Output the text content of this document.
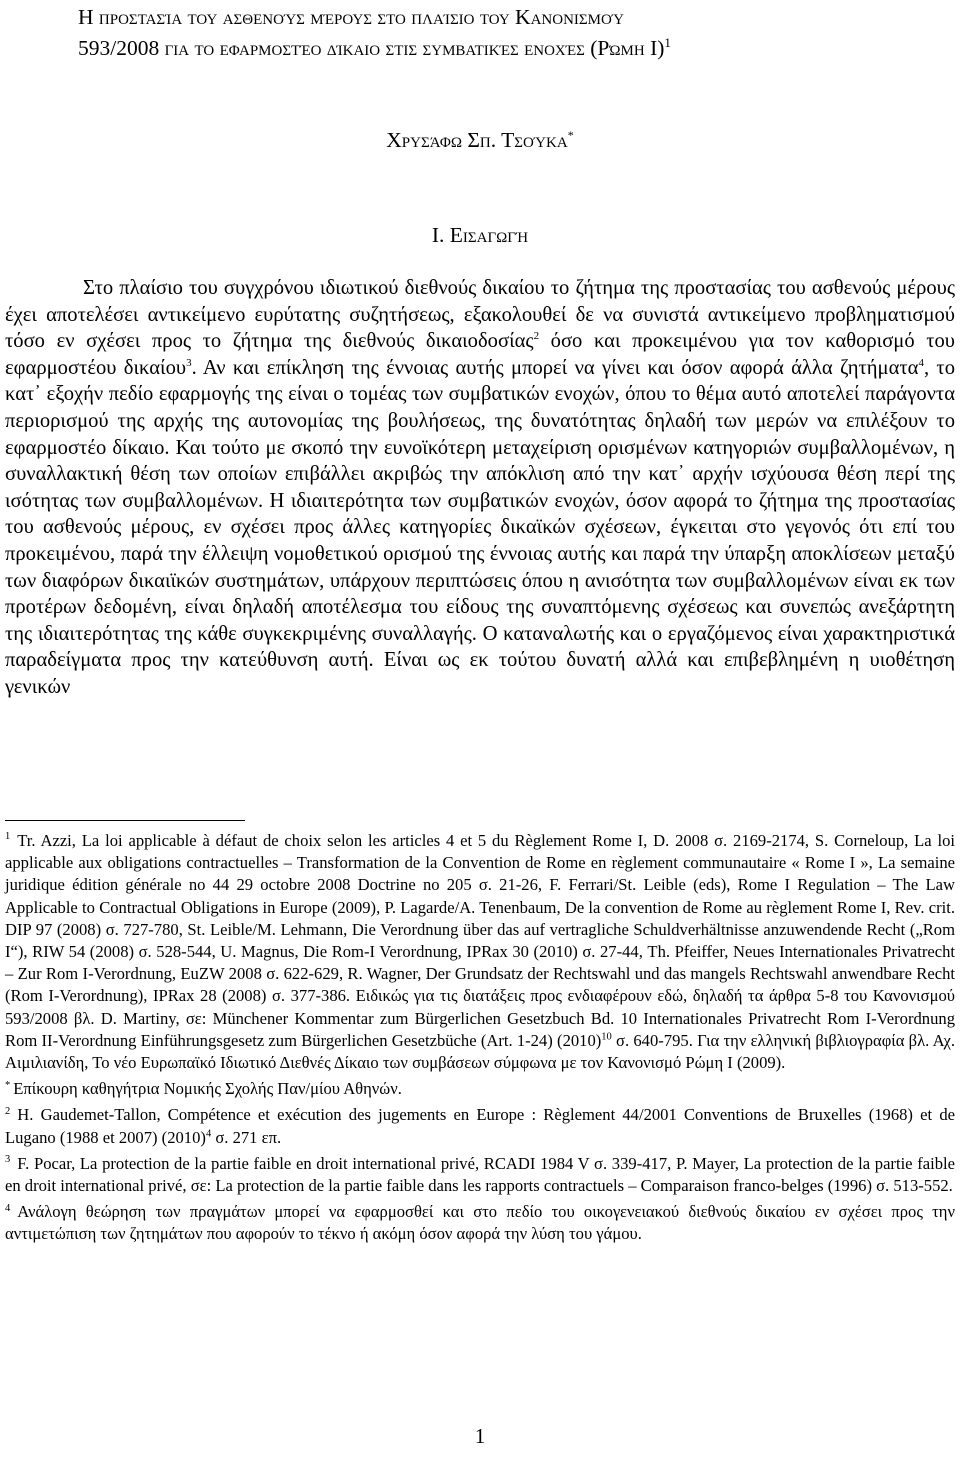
Η προστασία του ασθενούς μέρους στο πλαίσιο του Κανονισμού
593/2008 για το εφαρμοστέο δίκαιο στις συμβατικές ενοχές (Ρώμη Ι)$^1$
Χρυσάφω Σπ. Τσούκα*
Ι. Εισαγωγή
Στο πλαίσιο του συγχρόνου ιδιωτικού διεθνούς δικαίου το ζήτημα της προστασίας του ασθενούς μέρους έχει αποτελέσει αντικείμενο ευρύτατης συζητήσεως, εξακολουθεί δε να συνιστά αντικείμενο προβληματισμού τόσο εν σχέσει προς το ζήτημα της διεθνούς δικαιοδοσίας$^2$ όσο και προκειμένου για τον καθορισμό του εφαρμοστέου δικαίου$^3$. Αν και επίκληση της έννοιας αυτής μπορεί να γίνει και όσον αφορά άλλα ζητήματα$^4$, το κατ᾽ εξοχήν πεδίο εφαρμογής της είναι ο τομέας των συμβατικών ενοχών, όπου το θέμα αυτό αποτελεί παράγοντα περιορισμού της αρχής της αυτονομίας της βουλήσεως, της δυνατότητας δηλαδή των μερών να επιλέξουν το εφαρμοστέο δίκαιο. Και τούτο με σκοπό την ευνοϊκότερη μεταχείριση ορισμένων κατηγοριών συμβαλλομένων, η συναλλακτική θέση των οποίων επιβάλλει ακριβώς την απόκλιση από την κατ᾽ αρχήν ισχύουσα θέση περί της ισότητας των συμβαλλομένων. Η ιδιαιτερότητα των συμβατικών ενοχών, όσον αφορά το ζήτημα της προστασίας του ασθενούς μέρους, εν σχέσει προς άλλες κατηγορίες δικαϊκών σχέσεων, έγκειται στο γεγονός ότι επί του προκειμένου, παρά την έλλειψη νομοθετικού ορισμού της έννοιας αυτής και παρά την ύπαρξη αποκλίσεων μεταξύ των διαφόρων δικαιϊκών συστημάτων, υπάρχουν περιπτώσεις όπου η ανισότητα των συμβαλλομένων είναι εκ των προτέρων δεδομένη, είναι δηλαδή αποτέλεσμα του είδους της συναπτόμενης σχέσεως και συνεπώς ανεξάρτητη της ιδιαιτερότητας της κάθε συγκεκριμένης συναλλαγής. Ο καταναλωτής και ο εργαζόμενος είναι χαρακτηριστικά παραδείγματα προς την κατεύθυνση αυτή. Είναι ως εκ τούτου δυνατή αλλά και επιβεβλημένη η υιοθέτηση γενικών

$^1$ Tr. Azzi, La loi applicable à défaut de choix selon les articles 4 et 5 du Règlement Rome I, D. 2008 σ. 2169-2174, S. Corneloup, La loi applicable aux obligations contractuelles – Transformation de la Convention de Rome en règlement communautaire « Rome I », La semaine juridique édition générale no 44 29 octobre 2008 Doctrine no 205 σ. 21-26, F. Ferrari/St. Leible (eds), Rome I Regulation – The Law Applicable to Contractual Obligations in Europe (2009), P. Lagarde/A. Tenenbaum, De la convention de Rome au règlement Rome I, Rev. crit. DIP 97 (2008) σ. 727-780, St. Leible/M. Lehmann, Die Verordnung über das auf vertragliche Schuldverhältnisse anzuwendende Recht („Rom I“), RIW 54 (2008) σ. 528-544, U. Magnus, Die Rom-I Verordnung, IPRax 30 (2010) σ. 27-44, Th. Pfeiffer, Neues Internationales Privatrecht – Zur Rom I-Verordnung, EuZW 2008 σ. 622-629, R. Wagner, Der Grundsatz der Rechtswahl und das mangels Rechtswahl anwendbare Recht (Rom I-Verordnung), IPRax 28 (2008) σ. 377-386. Ειδικώς για τις διατάξεις προς ενδιαφέρουν εδώ, δηλαδή τα άρθρα 5-8 του Κανονισμού 593/2008 βλ. D. Martiny, σε: Münchener Kommentar zum Bürgerlichen Gesetzbuch Bd. 10 Internationales Privatrecht Rom I-Verordnung Rom II-Verordnung Einführungsgesetz zum Bürgerlichen Gesetzbüche (Art. 1-24) (2010)$^{10}$ σ. 640-795. Για την ελληνική βιβλιογραφία βλ. Αχ. Αιμιλιανίδη, Το νέο Ευρωπαϊκό Ιδιωτικό Διεθνές Δίκαιο των συμβάσεων σύμφωνα με τον Κανονισμό Ρώμη Ι (2009).

* Επίκουρη καθηγήτρια Νομικής Σχολής Παν/μίου Αθηνών.

$^2$ H. Gaudemet-Tallon, Compétence et exécution des jugements en Europe : Règlement 44/2001 Conventions de Bruxelles (1968) et de Lugano (1988 et 2007) (2010)$^4$ σ. 271 επ.

$^3$ F. Pocar, La protection de la partie faible en droit international privé, RCADI 1984 V σ. 339-417, P. Mayer, La protection de la partie faible en droit international privé, σε: La protection de la partie faible dans les rapports contractuels – Comparaison franco-belges (1996) σ. 513-552.

$^4$ Ανάλογη θεώρηση των πραγμάτων μπορεί να εφαρμοσθεί και στο πεδίο του οικογενειακού διεθνούς δικαίου εν σχέσει προς την αντιμετώπιση των ζητημάτων που αφορούν το τέκνο ή ακόμη όσον αφορά την λύση του γάμου.

1
